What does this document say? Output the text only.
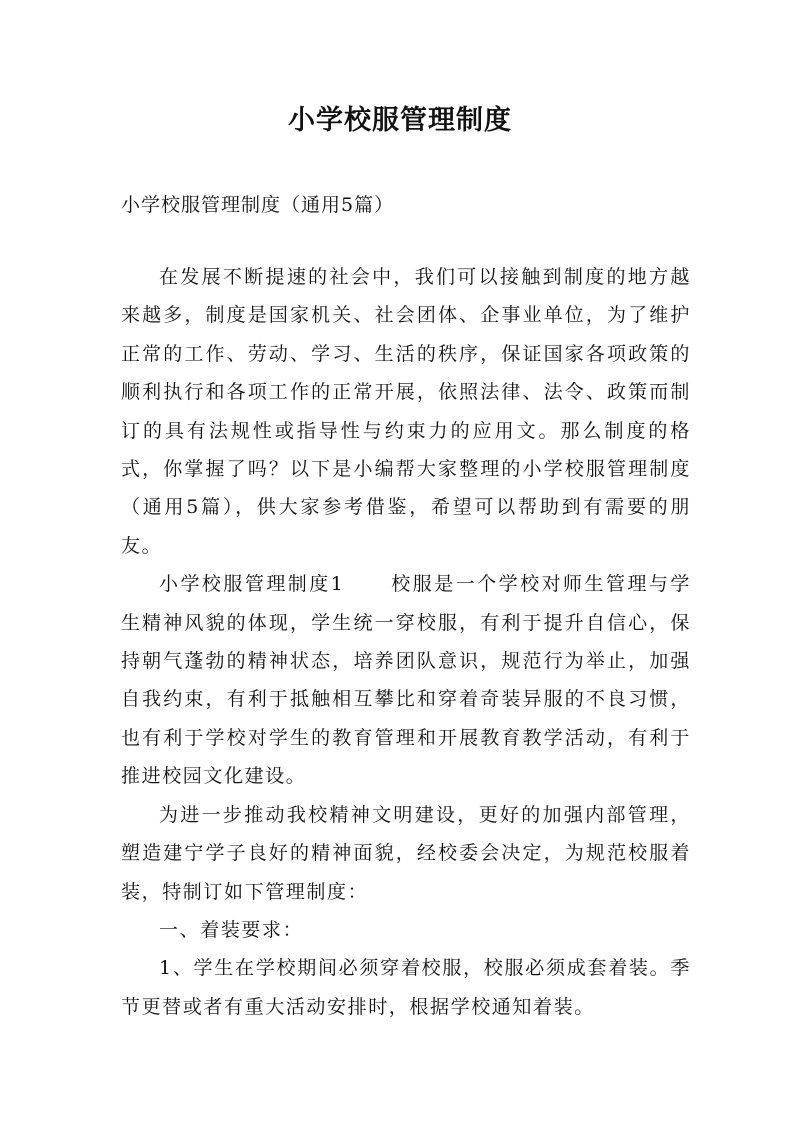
小学校服管理制度
小学校服管理制度（通用5篇）

在发展不断提速的社会中，我们可以接触到制度的地方越来越多，制度是国家机关、社会团体、企事业单位，为了维护正常的工作、劳动、学习、生活的秩序，保证国家各项政策的顺利执行和各项工作的正常开展，依照法律、法令、政策而制订的具有法规性或指导性与约束力的应用文。那么制度的格式，你掌握了吗？以下是小编帮大家整理的小学校服管理制度（通用5篇），供大家参考借鉴，希望可以帮助到有需要的朋友。

小学校服管理制度1 校服是一个学校对师生管理与学生精神风貌的体现，学生统一穿校服，有利于提升自信心，保持朝气蓬勃的精神状态，培养团队意识，规范行为举止，加强自我约束，有利于抵触相互攀比和穿着奇装异服的不良习惯，也有利于学校对学生的教育管理和开展教育教学活动，有利于推进校园文化建设。

为进一步推动我校精神文明建设，更好的加强内部管理，塑造建宁学子良好的精神面貌，经校委会决定，为规范校服着装，特制订如下管理制度：

一、着装要求：

1、学生在学校期间必须穿着校服，校服必须成套着装。季节更替或者有重大活动安排时，根据学校通知着装。
